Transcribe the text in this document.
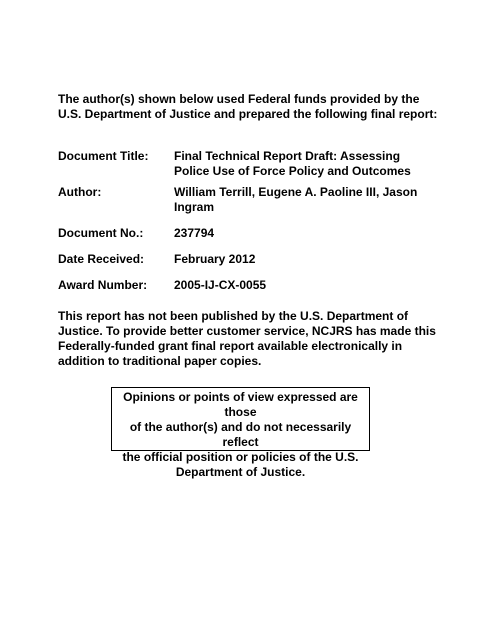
The author(s) shown below used Federal funds provided by the U.S. Department of Justice and prepared the following final report:
Document Title:	Final Technical Report Draft: Assessing Police Use of Force Policy and Outcomes
Author:	William Terrill, Eugene A. Paoline III, Jason Ingram
Document No.:	237794
Date Received:	February 2012
Award Number:	2005-IJ-CX-0055
This report has not been published by the U.S. Department of Justice. To provide better customer service, NCJRS has made this Federally-funded grant final report available electronically in addition to traditional paper copies.
Opinions or points of view expressed are those
of the author(s) and do not necessarily reflect
the official position or policies of the U.S.
Department of Justice.
